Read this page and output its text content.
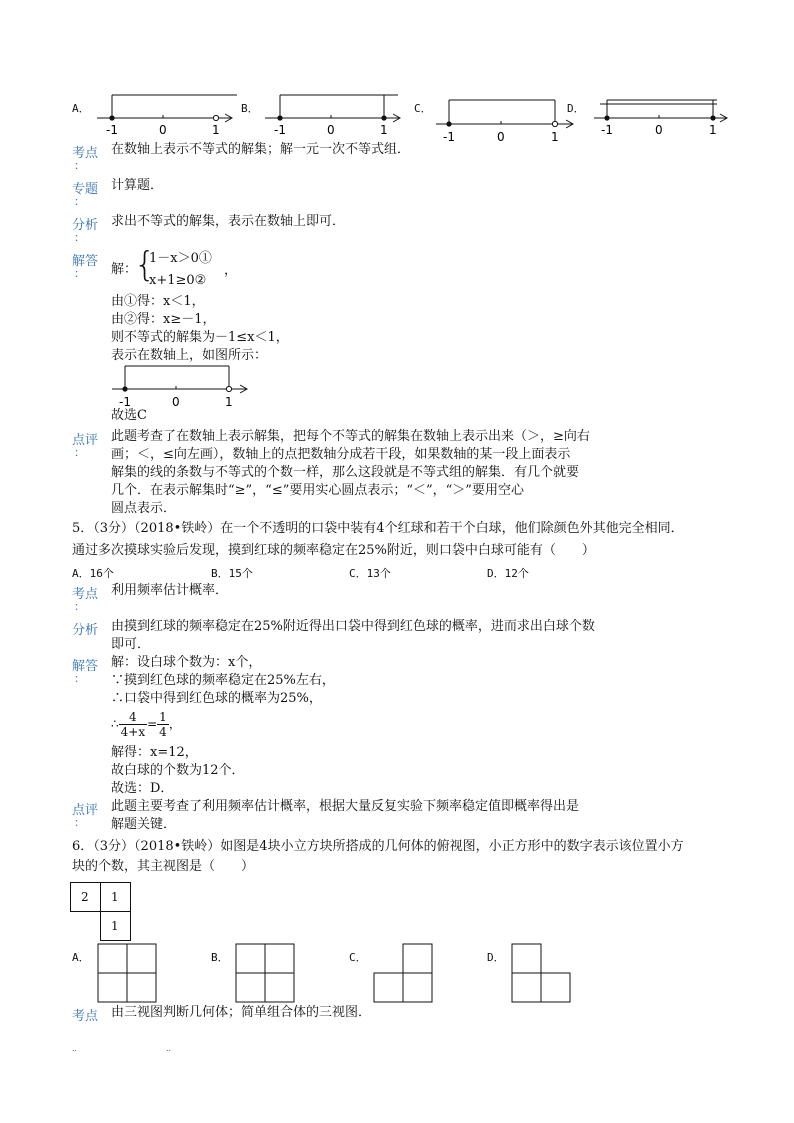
A．	B．	C．	D．
-1	0	1	-1	0	1	-1	0	1	-1	0	1
考点
：
在数轴上表示不等式的解集；解一元一次不等式组．
专题
：
计算题．
分析
：
求出不等式的解集，表示在数轴上即可．
解答
： 解：
{
1－x＞0①
x+1≥0②
，
由①得：x＜1，
由②得：x≥－1，
则不等式的解集为－1≤x＜1，
表示在数轴上，如图所示：
-1	0	1
故选C
点评
：
此题考查了在数轴上表示解集，把每个不等式的解集在数轴上表示出来（＞，≥向右
画；＜，≤向左画），数轴上的点把数轴分成若干段，如果数轴的某一段上面表示
解集的线的条数与不等式的个数一样，那么这段就是不等式组的解集．有几个就要
几个．在表示解集时“≥”，“≤”要用实心圆点表示；“＜”，“＞”要用空心
圆点表示．
5．（3分）（2018•铁岭）在一个不透明的口袋中装有4个红球和若干个白球，他们除颜色外其他完全相同．
通过多次摸球实验后发现，摸到红球的频率稳定在25%附近，则口袋中白球可能有（　　）
A．16个	B．15个	C．13个	D．12个
考点
：
利用频率估计概率．
分析 由摸到红球的频率稳定在25%附近得出口袋中得到红色球的概率，进而求出白球个数
即可．
解答
：
解：设白球个数为：x个，
∵摸到红色球的频率稳定在25%左右，
∴口袋中得到红色球的概率为25%，
∴ $\frac{4}{4+x} = \frac{1}{4}$ ，
解得：x=12，
故白球的个数为12个．
故选：D．
点评
：
此题主要考查了利用频率估计概率，根据大量反复实验下频率稳定值即概率得出是
解题关键．
6．（3分）（2018•铁岭）如图是4块小立方块所搭成的几何体的俯视图，小正方形中的数字表示该位置小方
块的个数，其主视图是（　　）
2 1
1
A．	B．	C．	D．
考点 由三视图判断几何体；简单组合体的三视图．
..	..
